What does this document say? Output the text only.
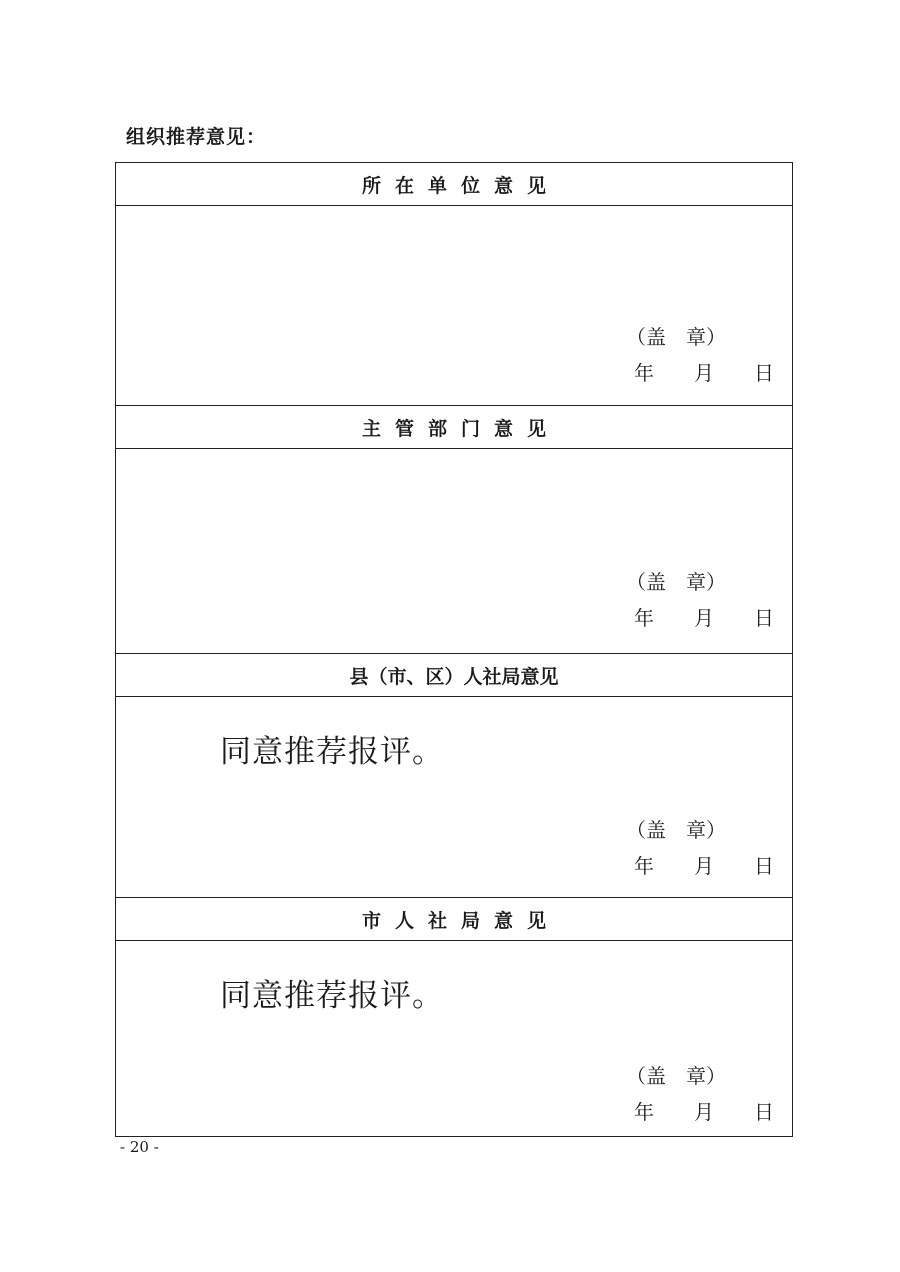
组织推荐意见：
所在单位意见
（盖　章）
年　　月　　日
主管部门意见
（盖　章）
年　　月　　日
县（市、区）人社局意见
同意推荐报评。
（盖　章）
年　　月　　日
市人社局意见
同意推荐报评。
（盖　章）
年　　月　　日
- 20 -
